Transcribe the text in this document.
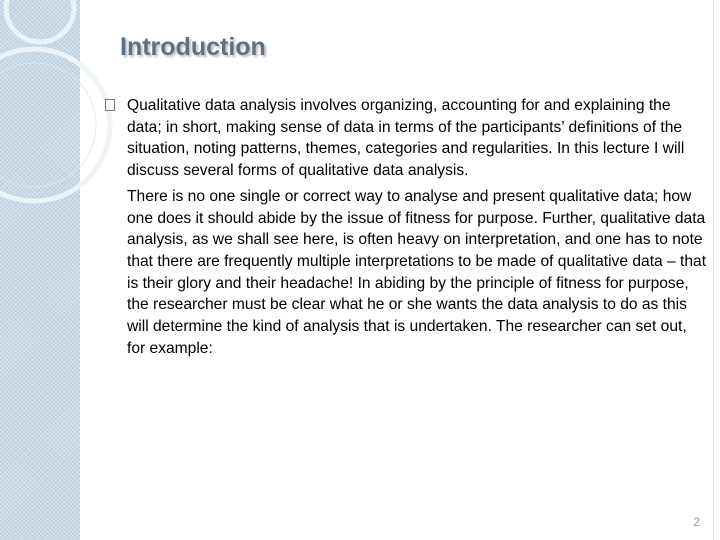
Introduction

Qualitative data analysis involves organizing, accounting for and explaining the data; in short, making sense of data in terms of the participants’ definitions of the situation, noting patterns, themes, categories and regularities. In this lecture I will discuss several forms of qualitative data analysis.

There is no one single or correct way to analyse and present qualitative data; how one does it should abide by the issue of fitness for purpose. Further, qualitative data analysis, as we shall see here, is often heavy on interpretation, and one has to note that there are frequently multiple interpretations to be made of qualitative data – that is their glory and their headache! In abiding by the principle of fitness for purpose, the researcher must be clear what he or she wants the data analysis to do as this will determine the kind of analysis that is undertaken. The researcher can set out, for example:

2
